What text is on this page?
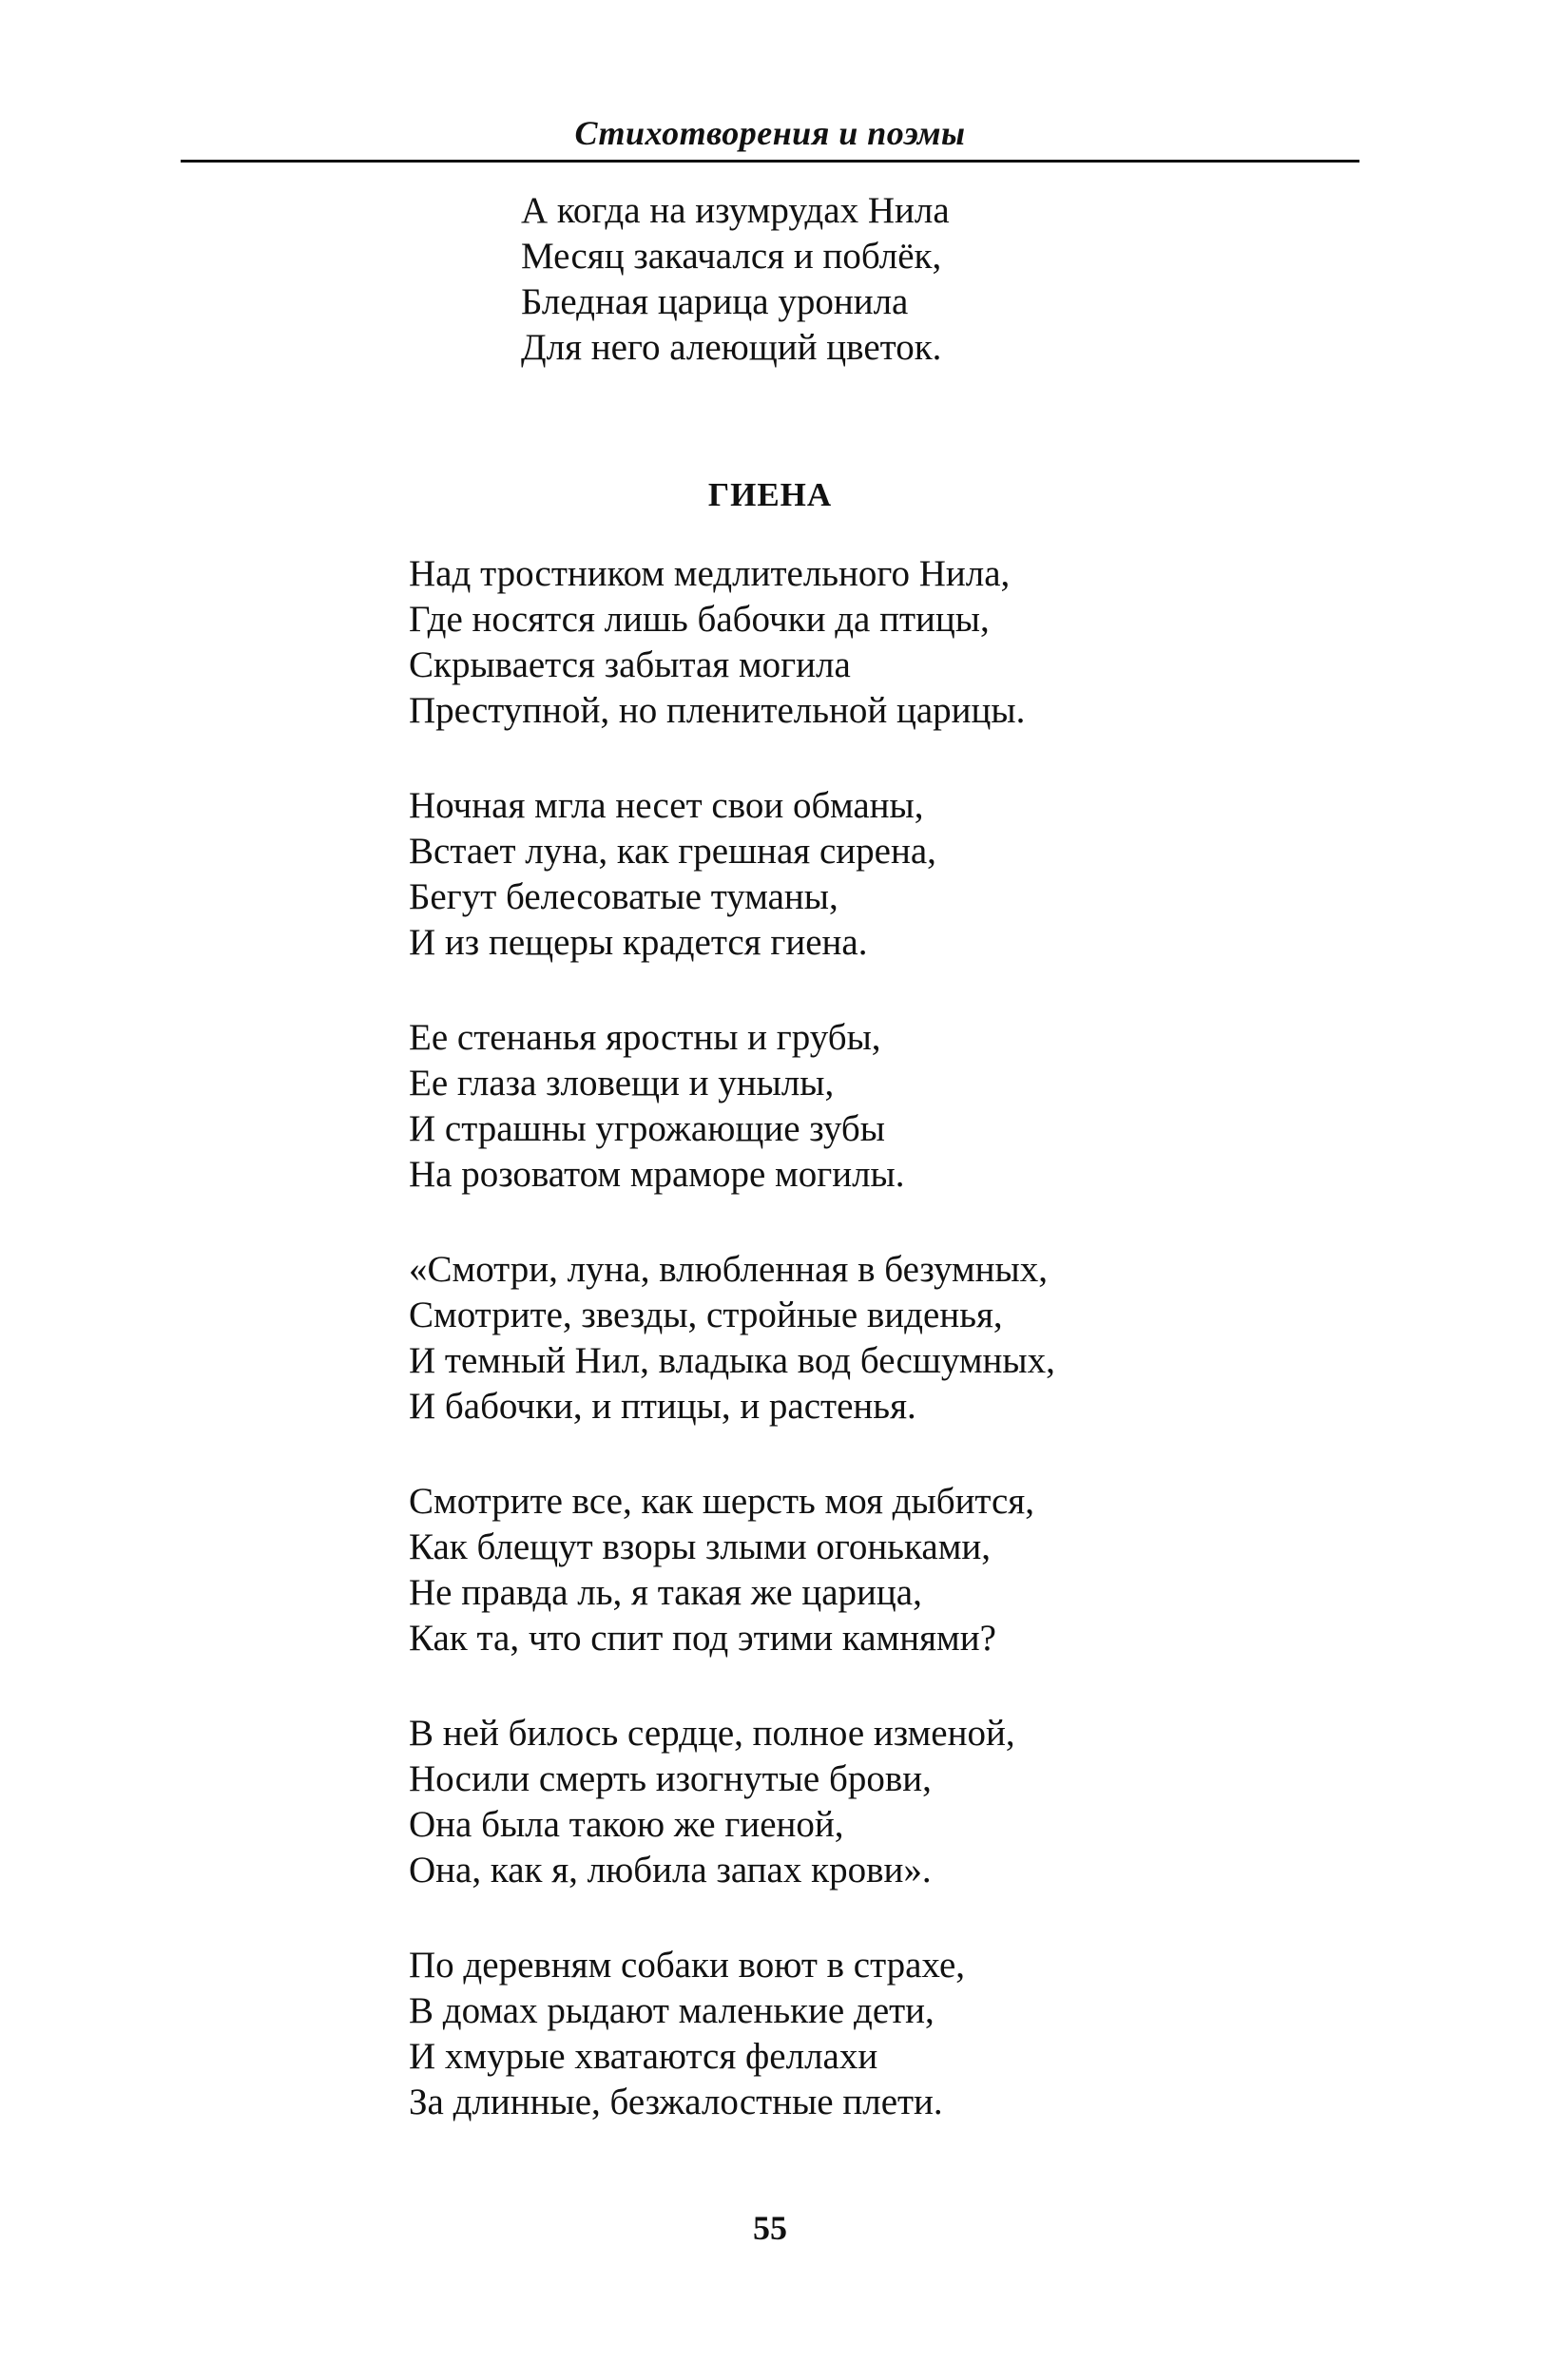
Стихотворения и поэмы
А когда на изумрудах Нила
Месяц закачался и поблёк,
Бледная царица уронила
Для него алеющий цветок.
ГИЕНА
Над тростником медлительного Нила,
Где носятся лишь бабочки да птицы,
Скрывается забытая могила
Преступной, но пленительной царицы.
Ночная мгла несет свои обманы,
Встает луна, как грешная сирена,
Бегут белесоватые туманы,
И из пещеры крадется гиена.
Ее стенанья яростны и грубы,
Ее глаза зловещи и унылы,
И страшны угрожающие зубы
На розоватом мраморе могилы.
«Смотри, луна, влюбленная в безумных,
Смотрите, звезды, стройные виденья,
И темный Нил, владыка вод бесшумных,
И бабочки, и птицы, и растенья.
Смотрите все, как шерсть моя дыбится,
Как блещут взоры злыми огоньками,
Не правда ль, я такая же царица,
Как та, что спит под этими камнями?
В ней билось сердце, полное изменой,
Носили смерть изогнутые брови,
Она была такою же гиеной,
Она, как я, любила запах крови».
По деревням собаки воют в страхе,
В домах рыдают маленькие дети,
И хмурые хватаются феллахи
За длинные, безжалостные плети.
55
